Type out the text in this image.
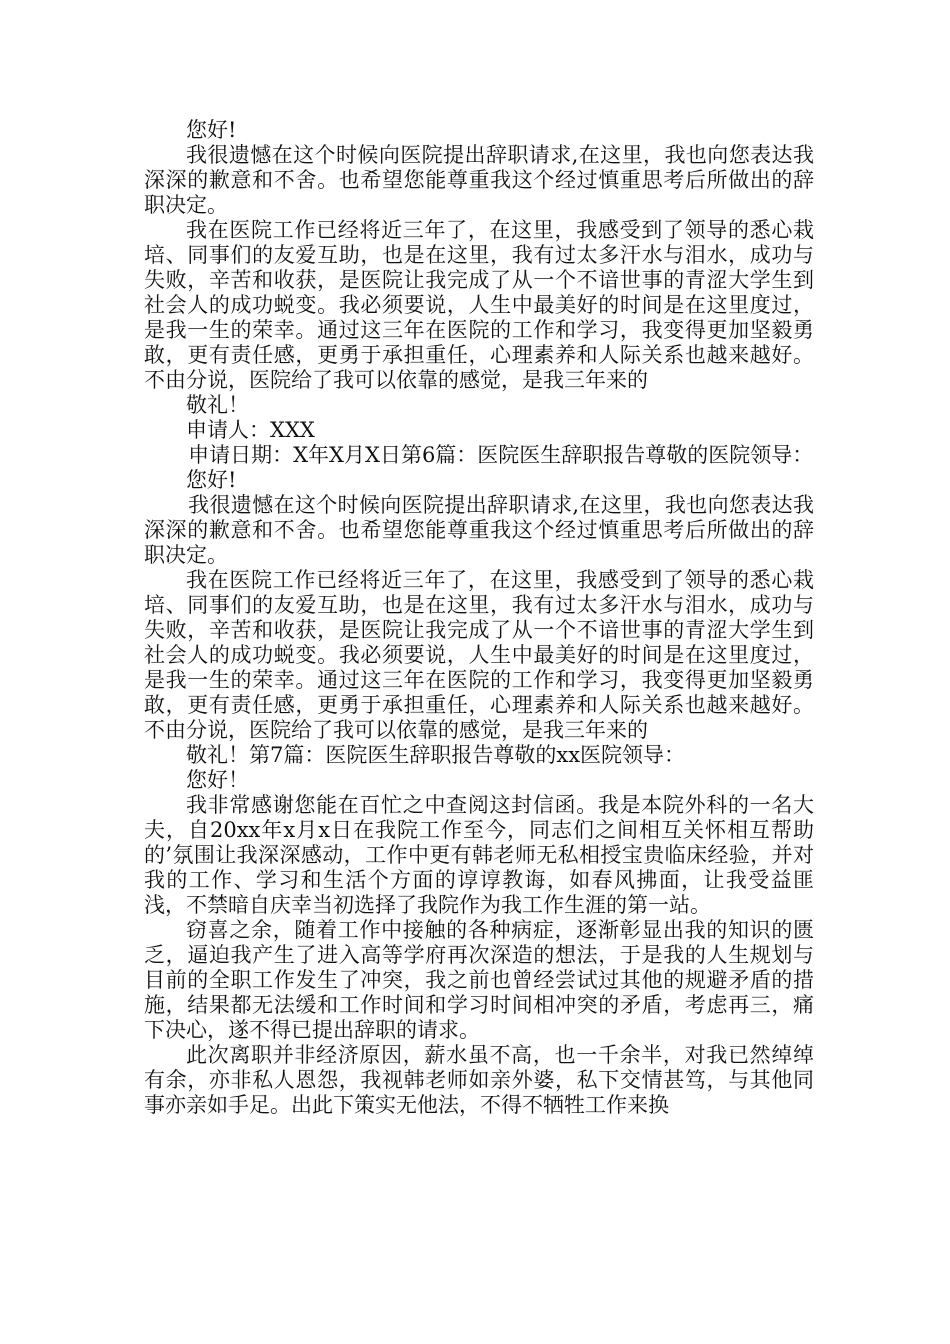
您好!

我很遗憾在这个时候向医院提出辞职请求,在这里，我也向您表达我深深的歉意和不舍。也希望您能尊重我这个经过慎重思考后所做出的辞职决定。

我在医院工作已经将近三年了，在这里，我感受到了领导的悉心栽培、同事们的友爱互助，也是在这里，我有过太多汗水与泪水，成功与失败，辛苦和收获，是医院让我完成了从一个不谙世事的青涩大学生到社会人的成功蜕变。我必须要说，人生中最美好的时间是在这里度过，是我一生的荣幸。通过这三年在医院的工作和学习，我变得更加坚毅勇敢，更有责任感，更勇于承担重任，心理素养和人际关系也越来越好。不由分说，医院给了我可以依靠的感觉，是我三年来的

敬礼！

申请人：XXX

申请日期：X年X月X日第6篇：医院医生辞职报告尊敬的医院领导：

您好!

我很遗憾在这个时候向医院提出辞职请求,在这里，我也向您表达我深深的歉意和不舍。也希望您能尊重我这个经过慎重思考后所做出的辞职决定。

我在医院工作已经将近三年了，在这里，我感受到了领导的悉心栽培、同事们的友爱互助，也是在这里，我有过太多汗水与泪水，成功与失败，辛苦和收获，是医院让我完成了从一个不谙世事的青涩大学生到社会人的成功蜕变。我必须要说，人生中最美好的时间是在这里度过，是我一生的荣幸。通过这三年在医院的工作和学习，我变得更加坚毅勇敢，更有责任感，更勇于承担重任，心理素养和人际关系也越来越好。不由分说，医院给了我可以依靠的感觉，是我三年来的

敬礼！第7篇：医院医生辞职报告尊敬的xx医院领导：

您好！

我非常感谢您能在百忙之中查阅这封信函。我是本院外科的一名大夫，自20xx年x月x日在我院工作至今，同志们之间相互关怀相互帮助的’氛围让我深深感动，工作中更有韩老师无私相授宝贵临床经验，并对我的工作、学习和生活个方面的谆谆教诲，如春风拂面，让我受益匪浅，不禁暗自庆幸当初选择了我院作为我工作生涯的第一站。

窃喜之余，随着工作中接触的各种病症，逐渐彰显出我的知识的匮乏，逼迫我产生了进入高等学府再次深造的想法，于是我的人生规划与目前的全职工作发生了冲突，我之前也曾经尝试过其他的规避矛盾的措施，结果都无法缓和工作时间和学习时间相冲突的矛盾，考虑再三，痛下决心，遂不得已提出辞职的请求。

此次离职并非经济原因，薪水虽不高，也一千余半，对我已然绰绰有余，亦非私人恩怨，我视韩老师如亲外婆，私下交情甚笃，与其他同事亦亲如手足。出此下策实无他法，不得不牺牲工作来换
